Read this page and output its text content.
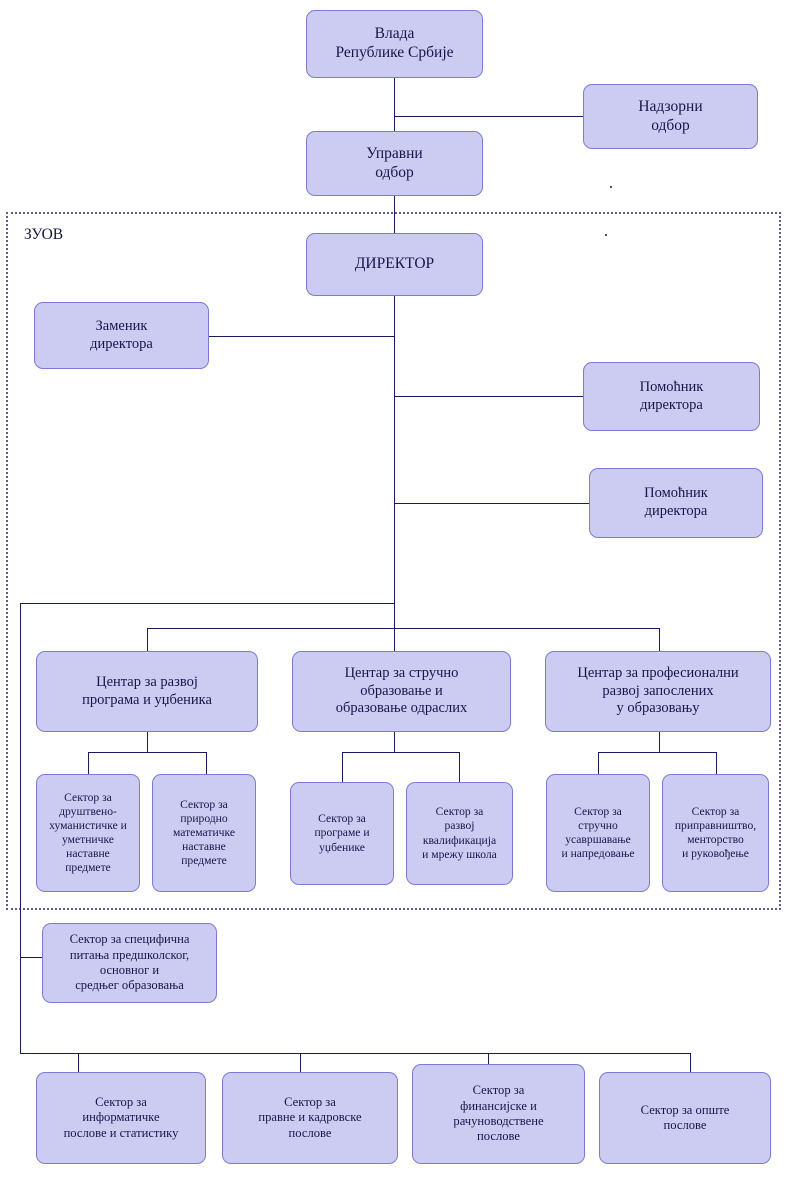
ЗУОВ
Влада
Републике Србије
Надзорни
одбор
Управни
одбор
ДИРЕКТОР
Заменик
директора
Помоћник
директора
Помоћник
директора
Центар за развој
програма и уџбеника
Центар за стручно
образовање и
образовање одраслих
Центар за професионални
развој запослених
у образовању
Сектор за
друштвено-
хуманистичке и
уметничке наставне
предмете
Сектор за
природно
математичке
наставне
предмете
Сектор за
програме и
уџбенике
Сектор за
развој
квалификација
и мрежу школа
Сектор за
стручно
усавршавање
и напредовање
Сектор за
приправништво,
менторство
и руковођење
Сектор за специфична
питања предшколског,
основног и
средњег образовања
Сектор за
информатичке
послове и статистику
Сектор за
правне и кадровске
послове
Сектор за
финансијске и
рачуноводствене
послове
Сектор за опште
послове
